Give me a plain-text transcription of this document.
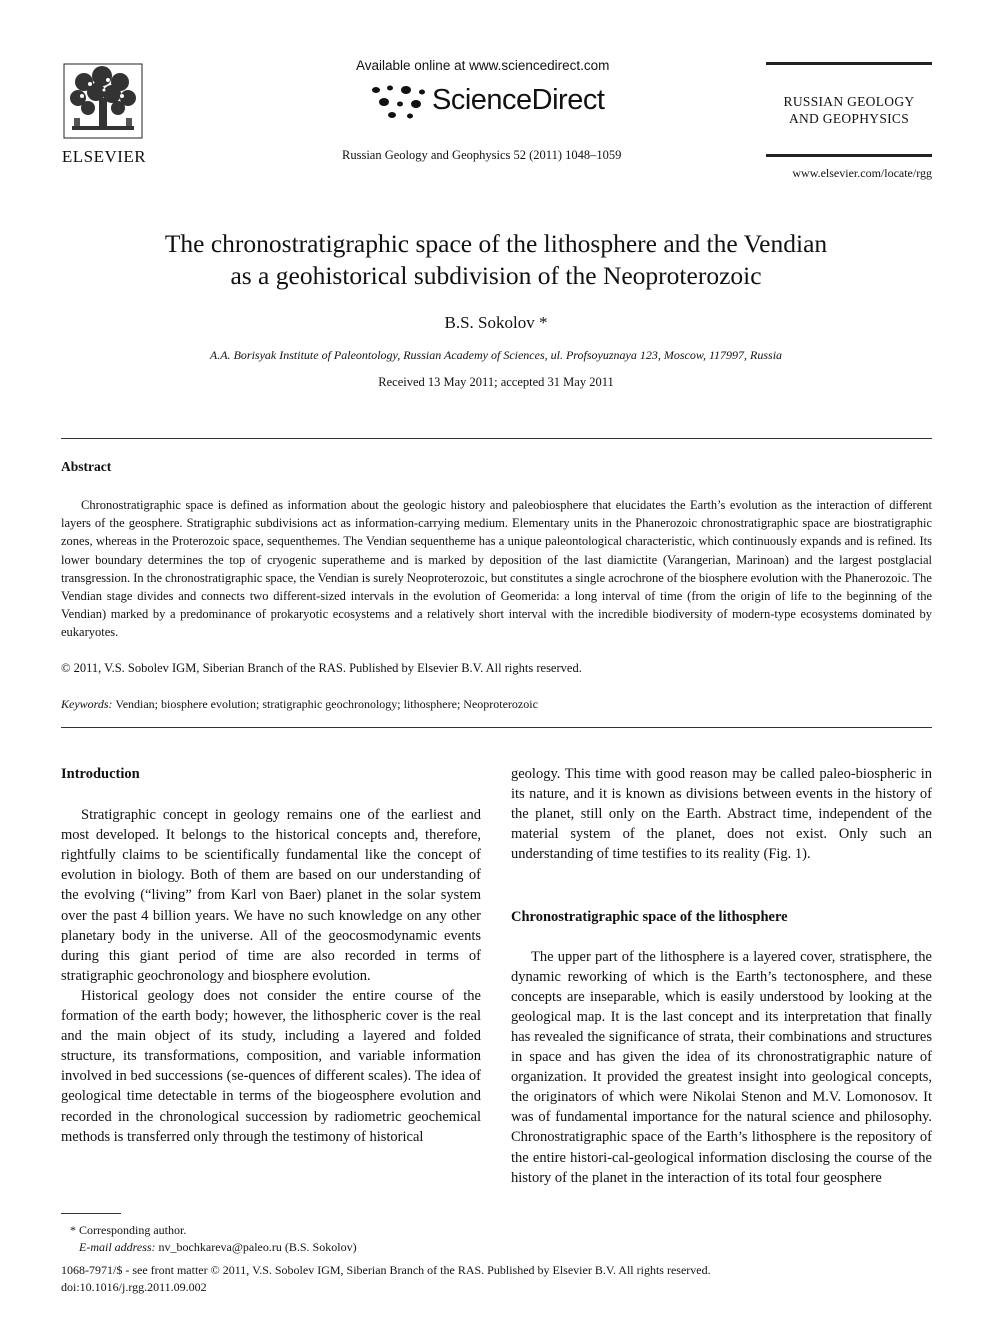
ELSEVIER
Available online at www.sciencedirect.com
ScienceDirect
Russian Geology and Geophysics 52 (2011) 1048–1059
RUSSIAN GEOLOGY
AND GEOPHYSICS
www.elsevier.com/locate/rgg
The chronostratigraphic space of the lithosphere and the Vendian
as a geohistorical subdivision of the Neoproterozoic
B.S. Sokolov *
A.A. Borisyak Institute of Paleontology, Russian Academy of Sciences, ul. Profsoyuznaya 123, Moscow, 117997, Russia
Received 13 May 2011; accepted 31 May 2011
Abstract
Chronostratigraphic space is defined as information about the geologic history and paleobiosphere that elucidates the Earth’s evolution as the interaction of different layers of the geosphere. Stratigraphic subdivisions act as information-carrying medium. Elementary units in the Phanerozoic chronostratigraphic space are biostratigraphic zones, whereas in the Proterozoic space, sequenthemes. The Vendian sequentheme has a unique paleontological characteristic, which continuously expands and is refined. Its lower boundary determines the top of cryogenic superatheme and is marked by deposition of the last diamictite (Varangerian, Marinoan) and the largest postglacial transgression. In the chronostratigraphic space, the Vendian is surely Neoproterozoic, but constitutes a single acrochrone of the biosphere evolution with the Phanerozoic. The Vendian stage divides and connects two different-sized intervals in the evolution of Geomerida: a long interval of time (from the origin of life to the beginning of the Vendian) marked by a predominance of prokaryotic ecosystems and a relatively short interval with the incredible biodiversity of modern-type ecosystems dominated by eukaryotes.
© 2011, V.S. Sobolev IGM, Siberian Branch of the RAS. Published by Elsevier B.V. All rights reserved.
Keywords: Vendian; biosphere evolution; stratigraphic geochronology; lithosphere; Neoproterozoic
Introduction

Stratigraphic concept in geology remains one of the earliest and most developed. It belongs to the historical concepts and, therefore, rightfully claims to be scientifically fundamental like the concept of evolution in biology. Both of them are based on our understanding of the evolving (“living” from Karl von Baer) planet in the solar system over the past 4 billion years. We have no such knowledge on any other planetary body in the universe. All of the geocosmodynamic events during this giant period of time are also recorded in terms of stratigraphic geochronology and biosphere evolution.

Historical geology does not consider the entire course of the formation of the earth body; however, the lithospheric cover is the real and the main object of its study, including a layered and folded structure, its transformations, composition, and variable information involved in bed successions (se-quences of different scales). The idea of geological time detectable in terms of the biogeosphere evolution and recorded in the chronological succession by radiometric geochemical methods is transferred only through the testimony of historical

geology. This time with good reason may be called paleo-biospheric in its nature, and it is known as divisions between events in the history of the planet, still only on the Earth. Abstract time, independent of the material system of the planet, does not exist. Only such an understanding of time testifies to its reality (Fig. 1).

Chronostratigraphic space of the lithosphere

The upper part of the lithosphere is a layered cover, stratisphere, the dynamic reworking of which is the Earth’s tectonosphere, and these concepts are inseparable, which is easily understood by looking at the geological map. It is the last concept and its interpretation that finally has revealed the significance of strata, their combinations and structures in space and has given the idea of its chronostratigraphic nature of organization. It provided the greatest insight into geological concepts, the originators of which were Nikolai Stenon and M.V. Lomonosov. It was of fundamental importance for the natural science and philosophy. Chronostratigraphic space of the Earth’s lithosphere is the repository of the entire histori-cal-geological information disclosing the course of the history of the planet in the interaction of its total four geosphere

* Corresponding author.
E-mail address: nv_bochkareva@paleo.ru (B.S. Sokolov)
1068-7971/$ - see front matter © 2011, V.S. Sobolev IGM, Siberian Branch of the RAS. Published by Elsevier B.V. All rights reserved.
doi:10.1016/j.rgg.2011.09.002
